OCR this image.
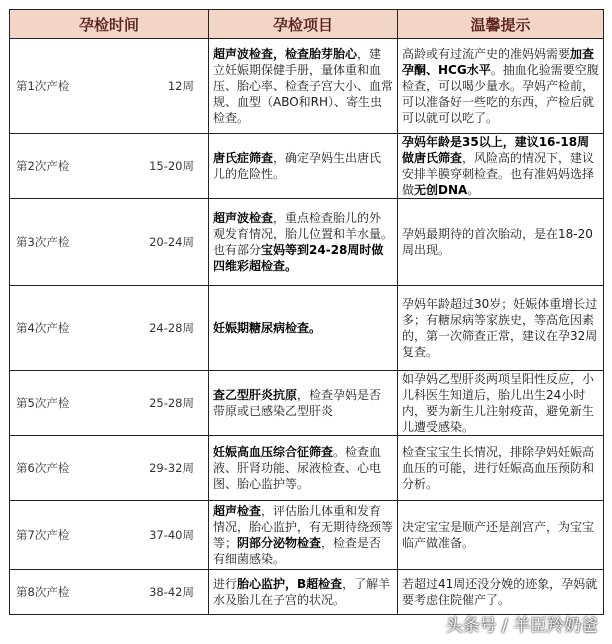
孕检时间	孕检项目	温馨提示

第1次产检 12周	超声波检查，检查胎芽胎心，建立妊娠期保健手册，量体重和血压、胎心率、检查子宫大小、血常规、血型（ABO和RH）、寄生虫检查。	高龄或有过流产史的准妈妈需要加查孕酮、HCG水平。抽血化验需要空腹检查，可以喝少量水。孕妈产检前，可以准备好一些吃的东西，产检后就可以就可以吃了。

第2次产检 15-20周	唐氏症筛查，确定孕妈生出唐氏儿的危险性。	孕妈年龄是35以上，建议16-18周做唐氏筛查，风险高的情况下，建议安排羊膜穿刺检查。也有准妈妈选择做无创DNA。

第3次产检 20-24周	超声波检查，重点检查胎儿的外观发育情况，胎儿位置和羊水量。也有部分宝妈等到24-28周时做四维彩超检查。	孕妈最期待的首次胎动，是在18-20周出现。

第4次产检 24-28周	妊娠期糖尿病检查。	孕妈年龄超过30岁；妊娠体重增长过多；有糖尿病等家族史，等高危因素的，第一次筛查正常，建议在孕32周复查。

第5次产检 25-28周	查乙型肝炎抗原，检查孕妈是否带原或已感染乙型肝炎	如孕妈乙型肝炎两项呈阳性反应，小儿科医生知道后，胎儿出生24小时内，要为新生儿注射疫苗，避免新生儿遭受感染。

第6次产检 29-32周	妊娠高血压综合征筛查。检查血液、肝肾功能、尿液检查、心电图、胎心监护等。	检查宝宝生长情况，排除孕妈妊娠高血压的可能，进行妊娠高血压预防和分析。

第7次产检 37-40周	超声检查，评估胎儿体重和发育情况，胎心监护，有无期待绕颈等等；阴部分泌物检查，检查是否有细菌感染。	决定宝宝是顺产还是剖宫产，为宝宝临产做准备。

第8次产检 38-42周	进行胎心监护，B超检查，了解羊水及胎儿在子宫的状况。	若超过41周还没分娩的迹象，孕妈就要考虑住院催产了。
头条号 / 羊臣羚奶爸
